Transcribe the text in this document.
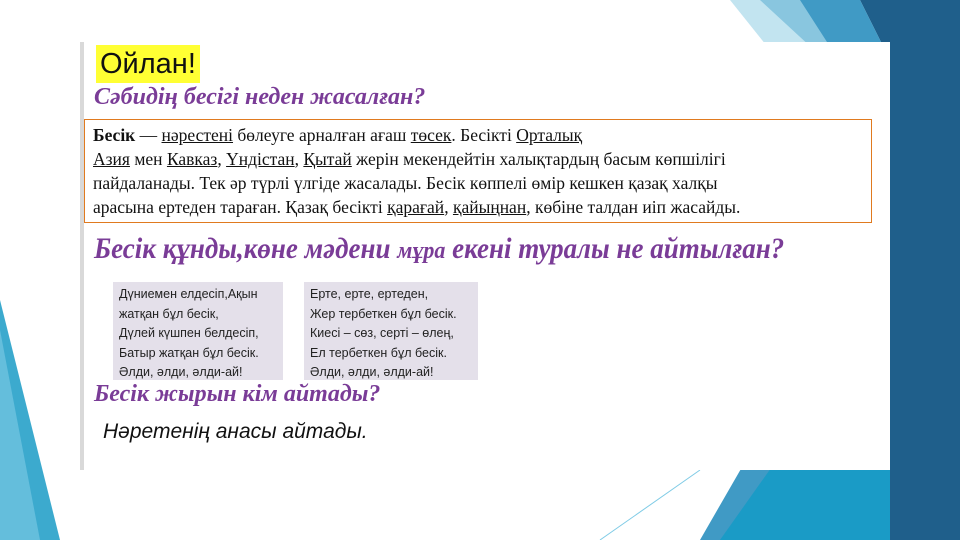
Ойлан!
Сәбидің бесігі неден жасалған?

Бесік — нәрестені бөлеуге арналған ағаш төсек. Бесікті Орталық

Азия мен Кавказ, Үндістан, Қытай жерін мекендейтін халықтардың басым көпшілігі

пайдаланады. Тек әр түрлі үлгіде жасалады. Бесік көппелі өмір кешкен қазақ халқы

арасына ертеден тараған. Қазақ бесікті қарағай, қайыңнан, көбіне талдан иіп жасайды.

Бесік құнды,көне мәдени мұра екені туралы не айтылған?
Дүниемен елдесіп,Ақын
жатқан бұл бесік,
Дүлей күшпен белдесіп,
Батыр жатқан бұл бесік.
Әлди, әлди, әлди-ай!
Ерте, ерте, ертеден,
Жер тербеткен бұл бесік.
Киесі – сөз, серті – өлең,
Ел тербеткен бұл бесік.
Әлди, әлди, әлди-ай!
Бесік жырын кім айтады?
Нәретенің анасы айтады.
